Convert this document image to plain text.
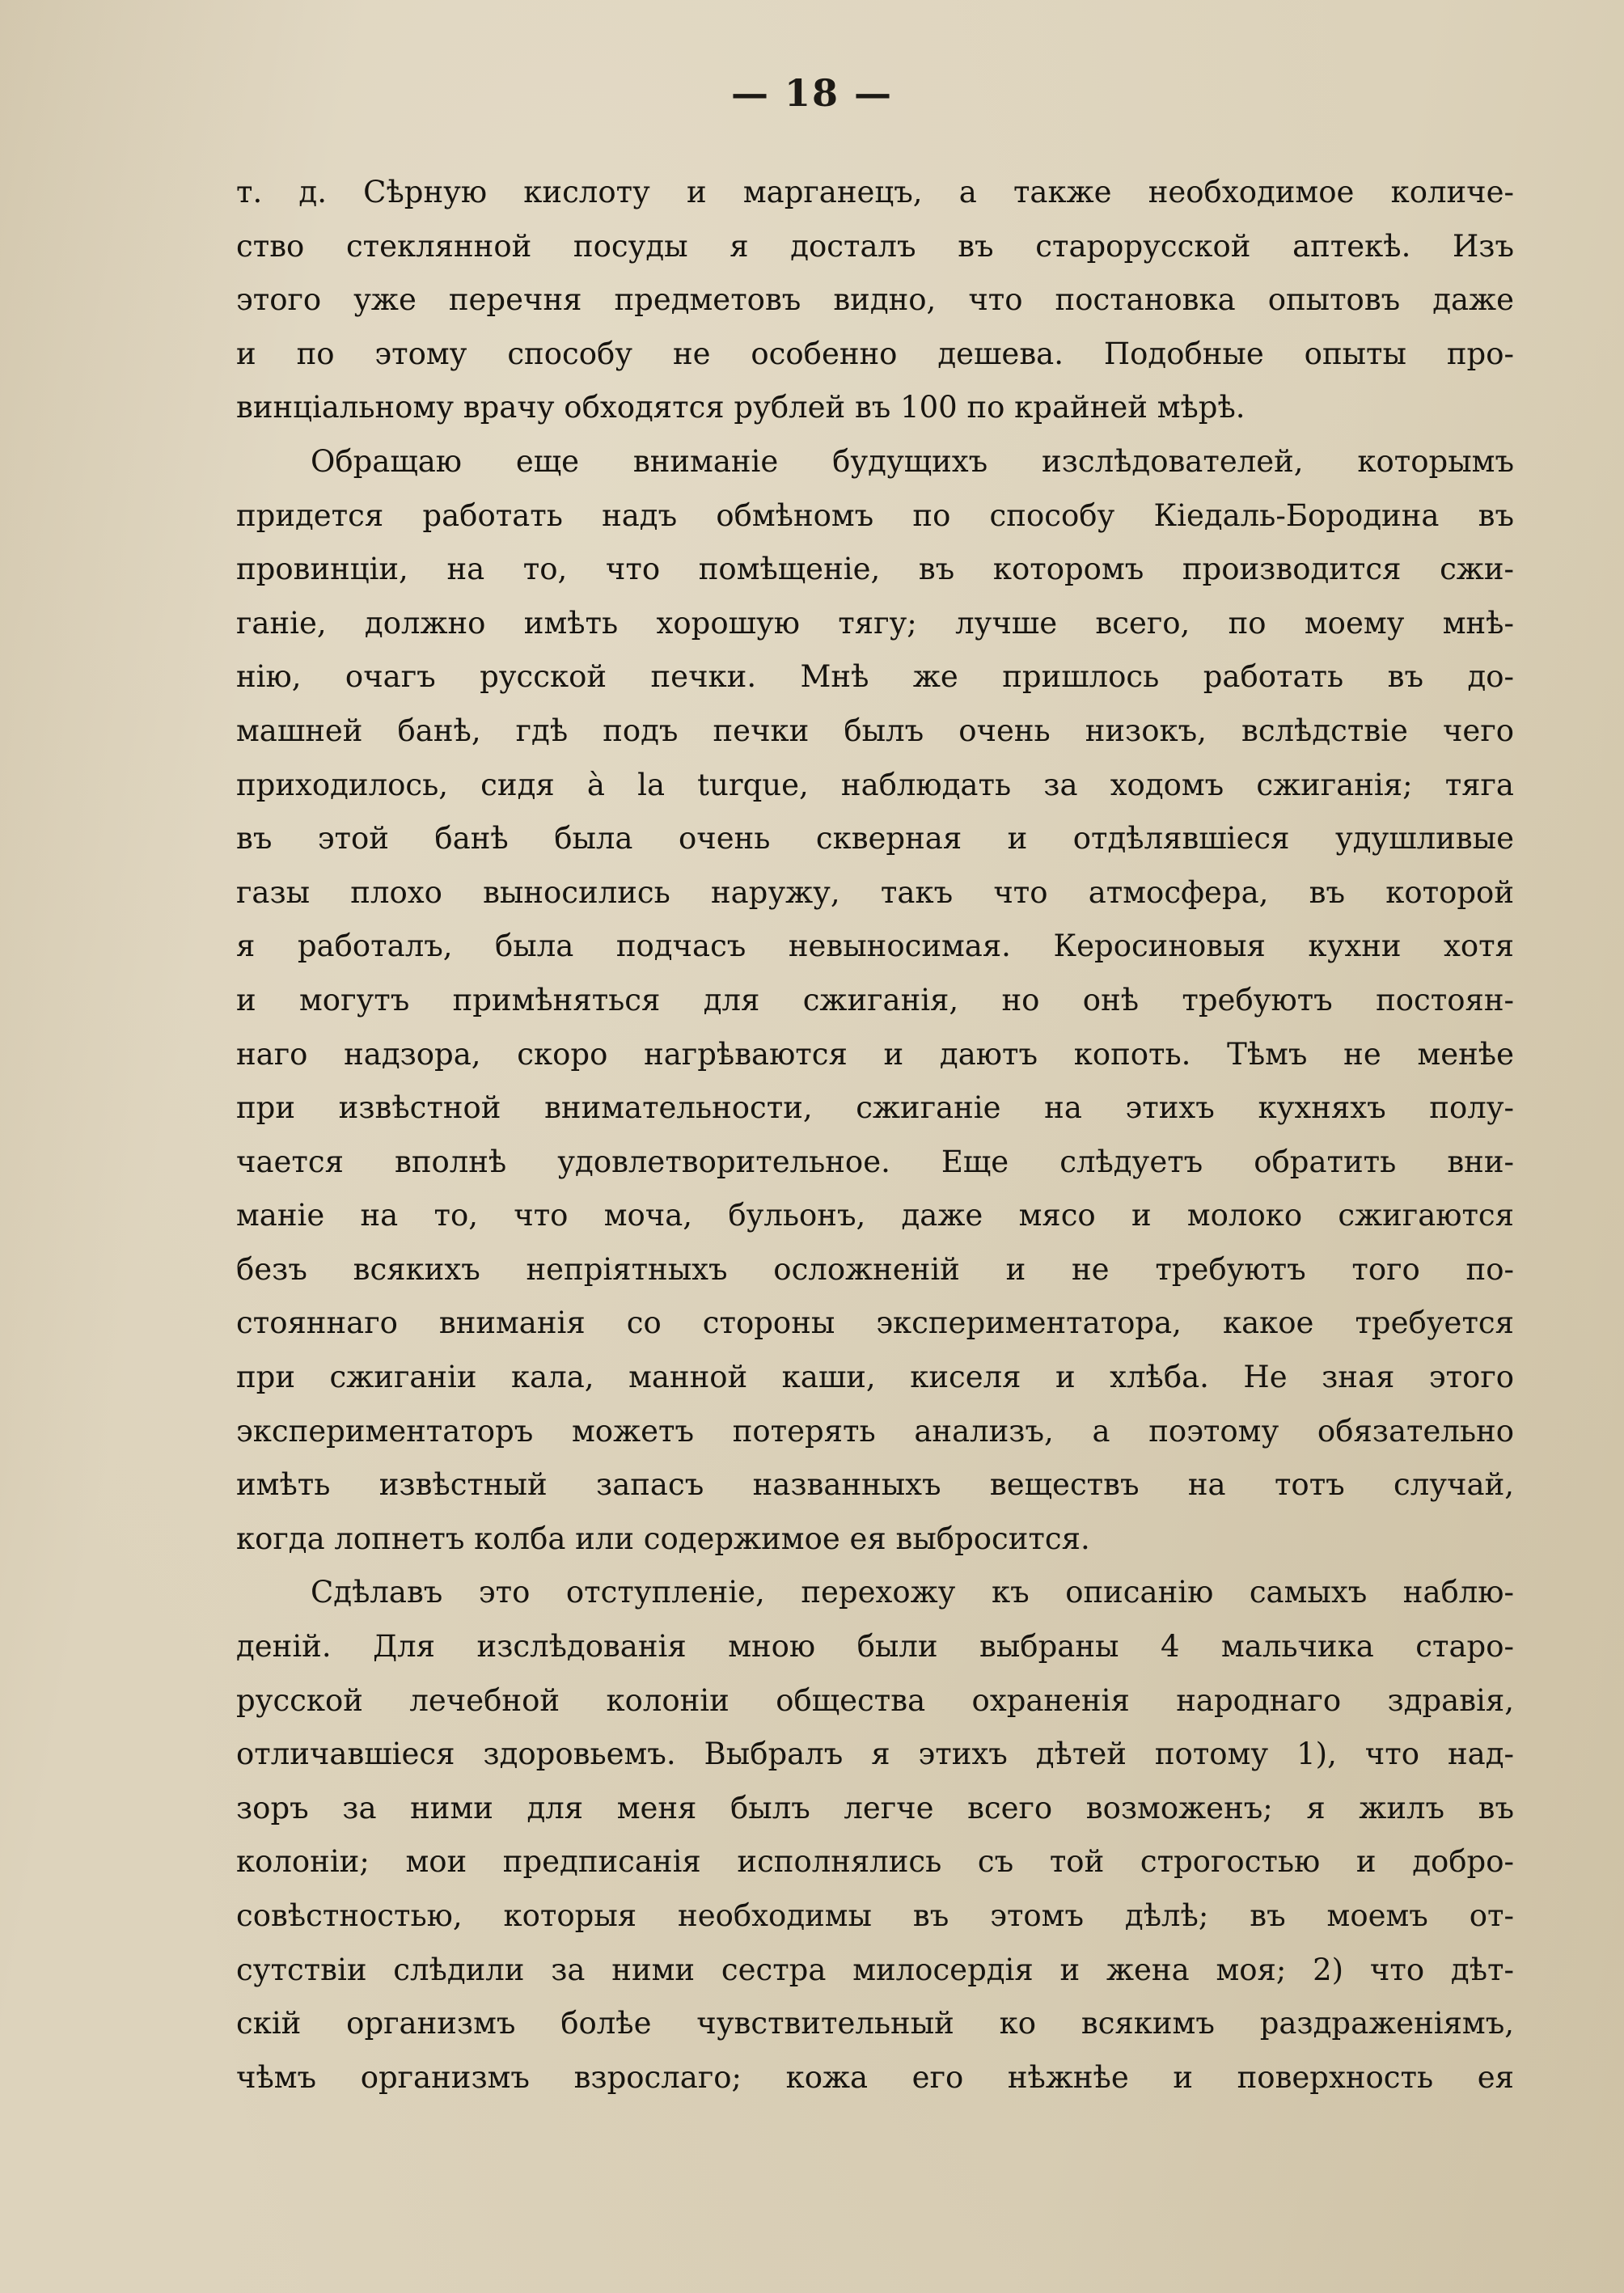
— 18 —
т. д. Сѣрную кислоту и марганецъ, а также необходимое количе-
ство стеклянной посуды я досталъ въ старорусской аптекѣ. Изъ
этого уже перечня предметовъ видно, что постановка опытовъ даже
и по этому способу не особенно дешева. Подобные опыты про-
винціальному врачу обходятся рублей въ 100 по крайней мѣрѣ.
Обращаю еще вниманіе будущихъ изслѣдователей, которымъ
придется работать надъ обмѣномъ по способу Кіедаль-Бородина въ
провинціи, на то, что помѣщеніе, въ которомъ производится сжи-
ганіе, должно имѣть хорошую тягу; лучше всего, по моему мнѣ-
нію, очагъ русской печки. Мнѣ же пришлось работать въ до-
машней банѣ, гдѣ подъ печки былъ очень низокъ, вслѣдствіе чего
приходилось, сидя à la turque, наблюдать за ходомъ сжиганія; тяга
въ этой банѣ была очень скверная и отдѣлявшіеся удушливые
газы плохо выносились наружу, такъ что атмосфера, въ которой
я работалъ, была подчасъ невыносимая. Керосиновыя кухни хотя
и могутъ примѣняться для сжиганія, но онѣ требуютъ постоян-
наго надзора, скоро нагрѣваются и даютъ копоть. Тѣмъ не менѣе
при извѣстной внимательности, сжиганіе на этихъ кухняхъ полу-
чается вполнѣ удовлетворительное. Еще слѣдуетъ обратить вни-
маніе на то, что моча, бульонъ, даже мясо и молоко сжигаются
безъ всякихъ непріятныхъ осложненій и не требуютъ того по-
стояннаго вниманія со стороны экспериментатора, какое требуется
при сжиганіи кала, манной каши, киселя и хлѣба. Не зная этого
экспериментаторъ можетъ потерять анализъ, а поэтому обязательно
имѣть извѣстный запасъ названныхъ веществъ на тотъ случай,
когда лопнетъ колба или содержимое ея выбросится.
Сдѣлавъ это отступленіе, перехожу къ описанію самыхъ наблю-
деній. Для изслѣдованія мною были выбраны 4 мальчика старо-
русской лечебной колоніи общества охраненія народнаго здравія,
отличавшіеся здоровьемъ. Выбралъ я этихъ дѣтей потому 1), что над-
зоръ за ними для меня былъ легче всего возможенъ; я жилъ въ
колоніи; мои предписанія исполнялись съ той строгостью и добро-
совѣстностью, которыя необходимы въ этомъ дѣлѣ; въ моемъ от-
сутствіи слѣдили за ними сестра милосердія и жена моя; 2) что дѣт-
скій организмъ болѣе чувствительный ко всякимъ раздраженіямъ,
чѣмъ организмъ взрослаго; кожа его нѣжнѣе и поверхность ея
